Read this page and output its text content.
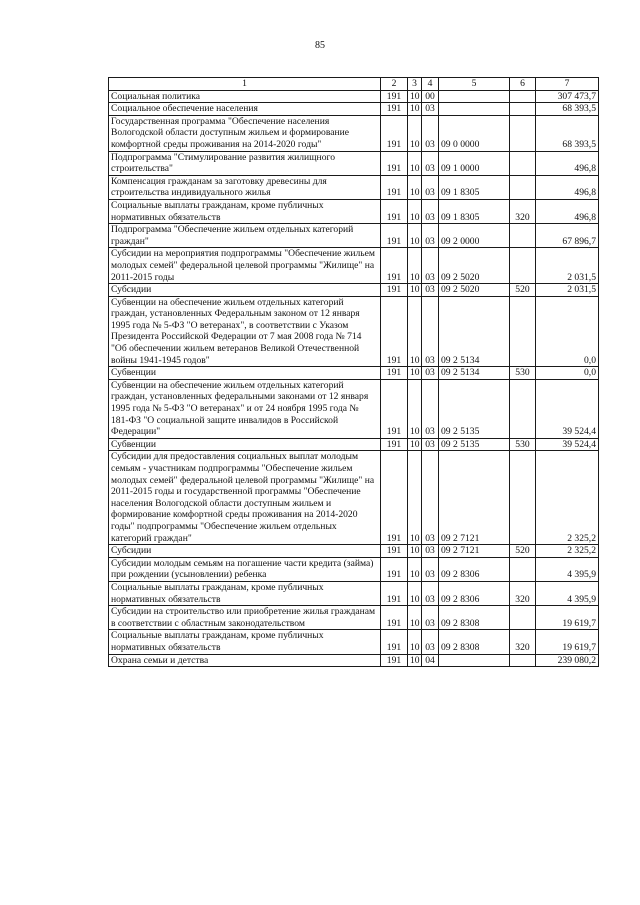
85
1	2	3	4	5	6	7
Социальная политика	191	10	00			307 473,7
Социальное обеспечение населения	191	10	03			68 393,5
Государственная программа "Обеспечение населения Вологодской области доступным жильем и формирование комфортной среды проживания на 2014-2020 годы"	191	10	03	09 0 0000		68 393,5
Подпрограмма "Стимулирование развития жилищного строительства"	191	10	03	09 1 0000		496,8
Компенсация гражданам за заготовку древесины для строительства индивидуального жилья	191	10	03	09 1 8305		496,8
Социальные выплаты гражданам, кроме публичных нормативных обязательств	191	10	03	09 1 8305	320	496,8
Подпрограмма "Обеспечение жильем отдельных категорий граждан"	191	10	03	09 2 0000		67 896,7
Субсидии на мероприятия подпрограммы "Обеспечение жильем молодых семей" федеральной целевой программы "Жилище" на 2011-2015 годы	191	10	03	09 2 5020		2 031,5
Субсидии	191	10	03	09 2 5020	520	2 031,5
Субвенции на обеспечение жильем отдельных категорий граждан, установленных Федеральным законом от 12 января 1995 года № 5-ФЗ "О ветеранах", в соответствии с Указом Президента Российской Федерации от 7 мая 2008 года № 714 "Об обеспечении жильем ветеранов Великой Отечественной войны 1941-1945 годов"	191	10	03	09 2 5134		0,0
Субвенции	191	10	03	09 2 5134	530	0,0
Субвенции на обеспечение жильем отдельных категорий граждан, установленных федеральными законами от 12 января 1995 года № 5-ФЗ "О ветеранах" и от 24 ноября 1995 года № 181-ФЗ "О социальной защите инвалидов в Российской Федерации"	191	10	03	09 2 5135		39 524,4
Субвенции	191	10	03	09 2 5135	530	39 524,4
Субсидии для предоставления социальных выплат молодым семьям - участникам подпрограммы "Обеспечение жильем молодых семей" федеральной целевой программы "Жилище" на 2011-2015 годы и государственной программы "Обеспечение населения Вологодской области доступным жильем и формирование комфортной среды проживания на 2014-2020 годы" подпрограммы "Обеспечение жильем отдельных категорий граждан"	191	10	03	09 2 7121		2 325,2
Субсидии	191	10	03	09 2 7121	520	2 325,2
Субсидии молодым семьям на погашение части кредита (займа) при рождении (усыновлении) ребенка	191	10	03	09 2 8306		4 395,9
Социальные выплаты гражданам, кроме публичных нормативных обязательств	191	10	03	09 2 8306	320	4 395,9
Субсидии на строительство или приобретение жилья гражданам в соответствии с областным законодательством	191	10	03	09 2 8308		19 619,7
Социальные выплаты гражданам, кроме публичных нормативных обязательств	191	10	03	09 2 8308	320	19 619,7
Охрана семьи и детства	191	10	04			239 080,2
